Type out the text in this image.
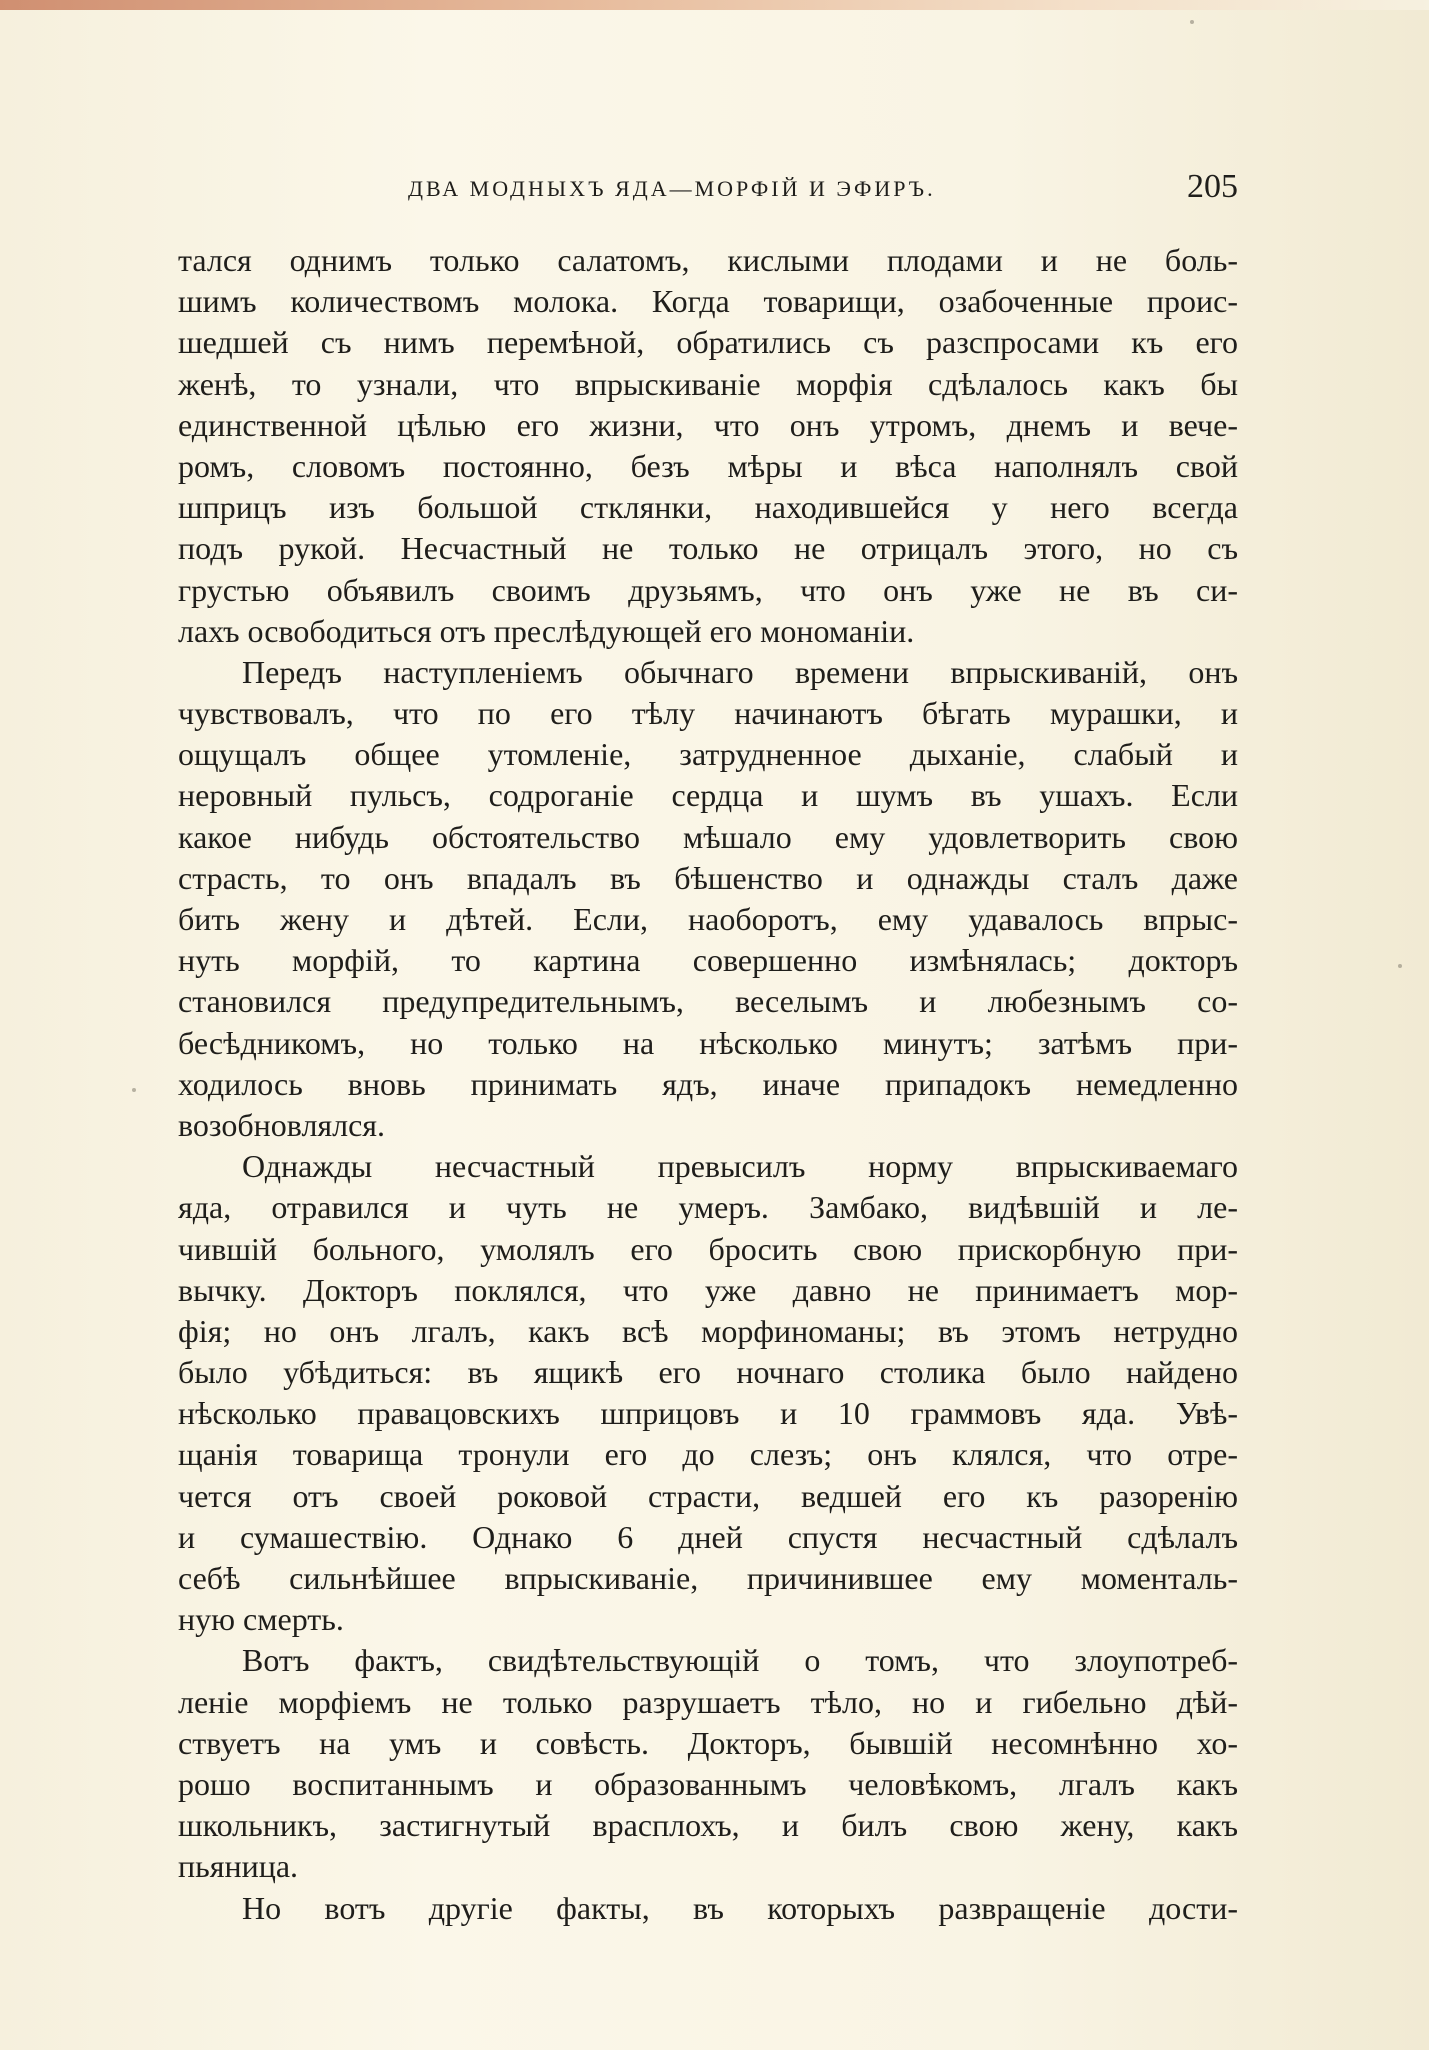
ДВА МОДНЫХЪ ЯДА—МОРФІЙ И ЭФИРЪ.	205
тался однимъ только салатомъ, кислыми плодами и не боль-
шимъ количествомъ молока. Когда товарищи, озабоченные проис-
шедшей съ нимъ перемѣной, обратились съ разспросами къ его
женѣ, то узнали, что впрыскиваніе морфія сдѣлалось какъ бы
единственной цѣлью его жизни, что онъ утромъ, днемъ и вече-
ромъ, словомъ постоянно, безъ мѣры и вѣса наполнялъ свой
шприцъ изъ большой стклянки, находившейся у него всегда
подъ рукой. Несчастный не только не отрицалъ этого, но съ
грустью объявилъ своимъ друзьямъ, что онъ уже не въ си-
лахъ освободиться отъ преслѣдующей его мономаніи.
Передъ наступленіемъ обычнаго времени впрыскиваній, онъ
чувствовалъ, что по его тѣлу начинаютъ бѣгать мурашки, и
ощущалъ общее утомленіе, затрудненное дыханіе, слабый и
неровный пульсъ, содроганіе сердца и шумъ въ ушахъ. Если
какое нибудь обстоятельство мѣшало ему удовлетворить свою
страсть, то онъ впадалъ въ бѣшенство и однажды сталъ даже
бить жену и дѣтей. Если, наоборотъ, ему удавалось впрыс-
нуть морфій, то картина совершенно измѣнялась; докторъ
становился предупредительнымъ, веселымъ и любезнымъ со-
бесѣдникомъ, но только на нѣсколько минутъ; затѣмъ при-
ходилось вновь принимать ядъ, иначе припадокъ немедленно
возобновлялся.
Однажды несчастный превысилъ норму впрыскиваемаго
яда, отравился и чуть не умеръ. Замбако, видѣвшій и ле-
чившій больного, умолялъ его бросить свою прискорбную при-
вычку. Докторъ поклялся, что уже давно не принимаетъ мор-
фія; но онъ лгалъ, какъ всѣ морфиноманы; въ этомъ нетрудно
было убѣдиться: въ ящикѣ его ночнаго столика было найдено
нѣсколько правацовскихъ шприцовъ и 10 граммовъ яда. Увѣ-
щанія товарища тронули его до слезъ; онъ клялся, что отре-
чется отъ своей роковой страсти, ведшей его къ разоренію
и сумашествію. Однако 6 дней спустя несчастный сдѣлалъ
себѣ сильнѣйшее впрыскиваніе, причинившее ему моменталь-
ную смерть.
Вотъ фактъ, свидѣтельствующій о томъ, что злоупотреб-
леніе морфіемъ не только разрушаетъ тѣло, но и гибельно дѣй-
ствуетъ на умъ и совѣсть. Докторъ, бывшій несомнѣнно хо-
рошо воспитаннымъ и образованнымъ человѣкомъ, лгалъ какъ
школьникъ, застигнутый врасплохъ, и билъ свою жену, какъ
пьяница.
Но вотъ другіе факты, въ которыхъ развращеніе дости-
